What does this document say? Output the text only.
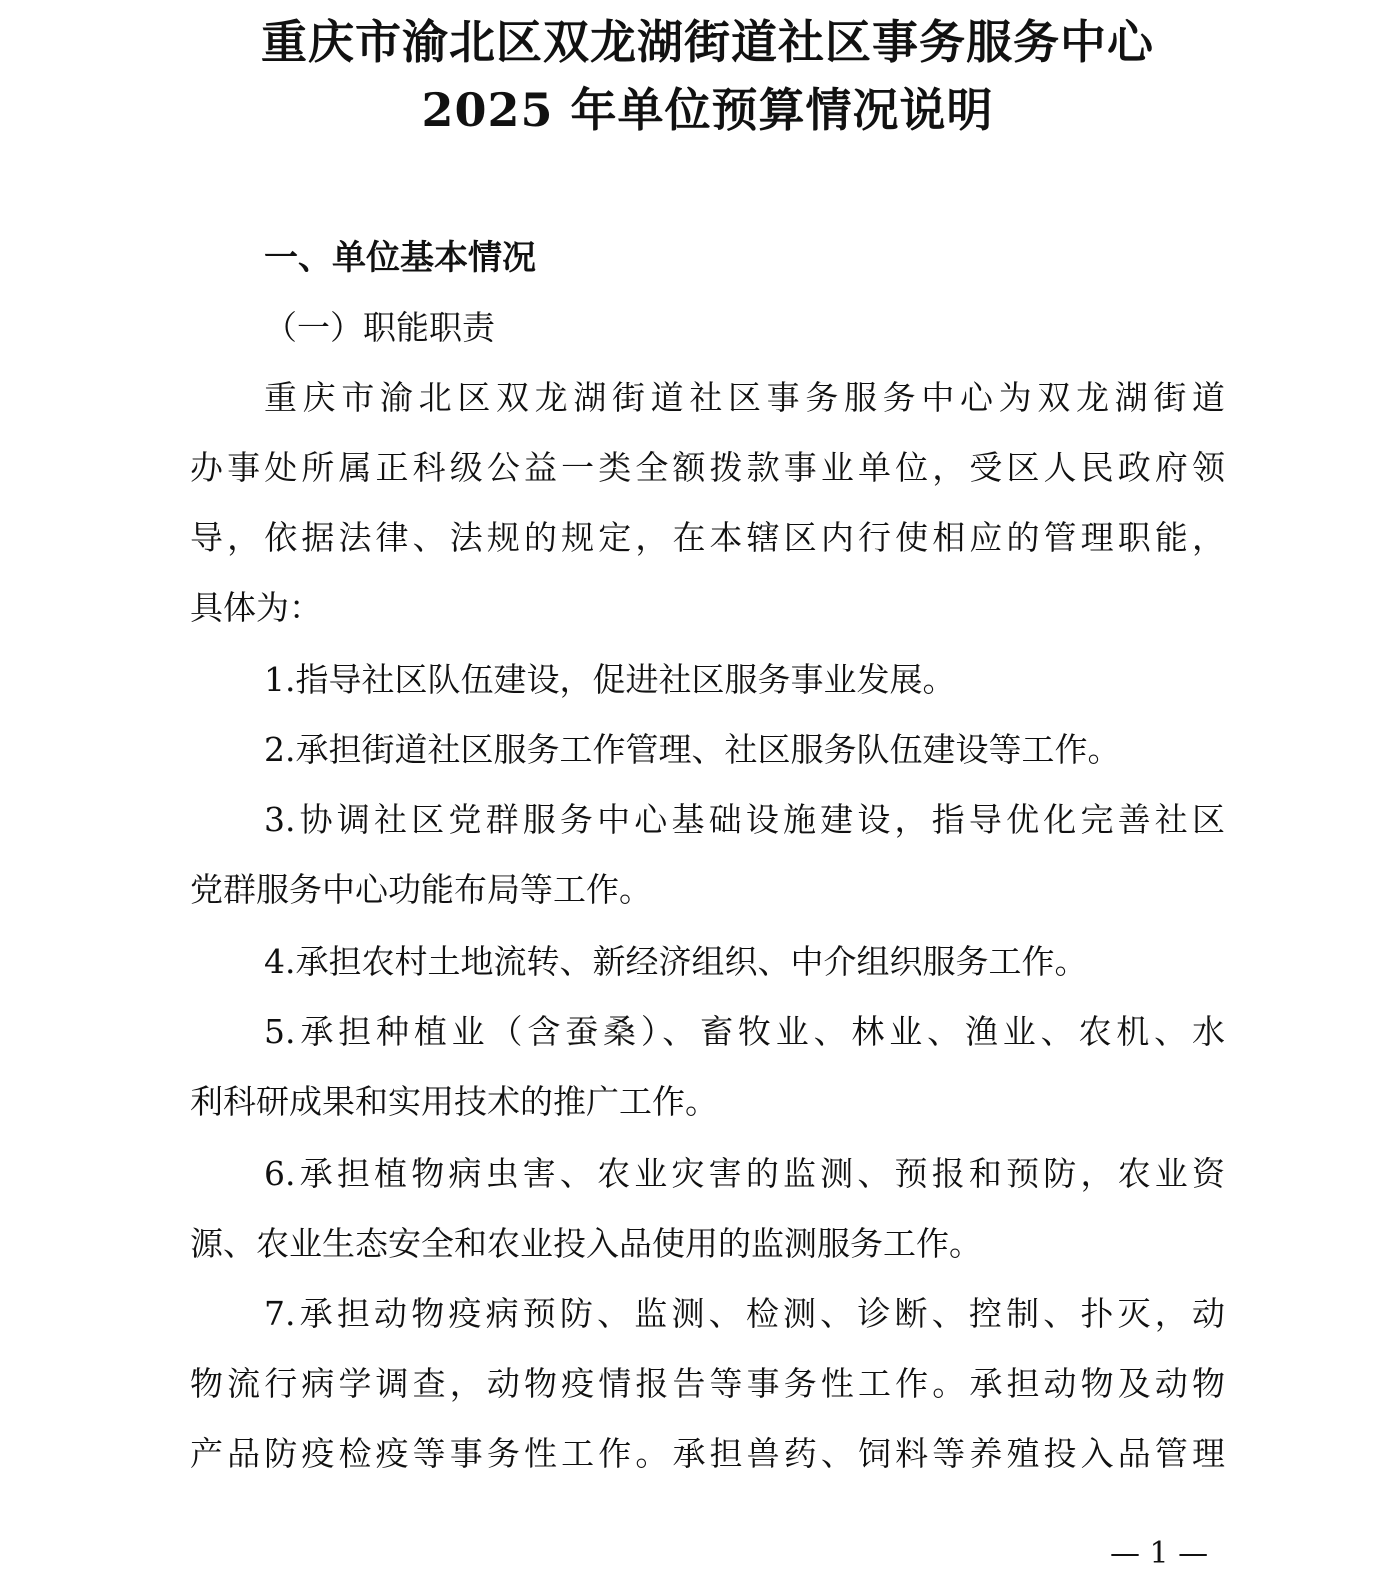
重庆市渝北区双龙湖街道社区事务服务中心
2025 年单位预算情况说明

一、单位基本情况

（一）职能职责

重庆市渝北区双龙湖街道社区事务服务中心为双龙湖街道

办事处所属正科级公益一类全额拨款事业单位，受区人民政府领

导，依据法律、法规的规定，在本辖区内行使相应的管理职能，

具体为：

1.指导社区队伍建设，促进社区服务事业发展。

2.承担街道社区服务工作管理、社区服务队伍建设等工作。

3.协调社区党群服务中心基础设施建设，指导优化完善社区

党群服务中心功能布局等工作。

4.承担农村土地流转、新经济组织、中介组织服务工作。

5.承担种植业（含蚕桑）、畜牧业、林业、渔业、农机、水

利科研成果和实用技术的推广工作。

6.承担植物病虫害、农业灾害的监测、预报和预防，农业资

源、农业生态安全和农业投入品使用的监测服务工作。

7.承担动物疫病预防、监测、检测、诊断、控制、扑灭，动

物流行病学调查，动物疫情报告等事务性工作。承担动物及动物

产品防疫检疫等事务性工作。承担兽药、饲料等养殖投入品管理

— 1 —
